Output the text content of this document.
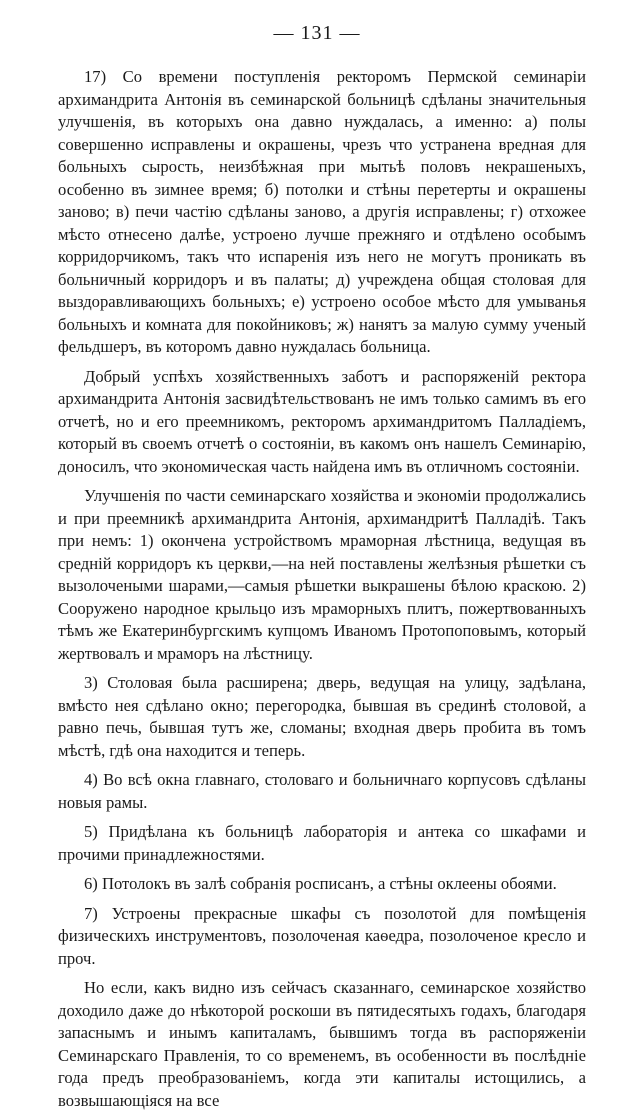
— 131 —

17) Со времени поступленія ректоромъ Пермской семинаріи архимандрита Антонія въ семинарской больницѣ сдѣланы значительныя улучшенія, въ которыхъ она давно нуждалась, а именно: а) полы совершенно исправлены и окрашены, чрезъ что устранена вредная для больныхъ сырость, неизбѣжная при мытьѣ половъ некрашеныхъ, особенно въ зимнее время; б) потолки и стѣны перетерты и окрашены заново; в) печи частію сдѣланы заново, а другія исправлены; г) отхожее мѣсто отнесено далѣе, устроено лучше прежняго и отдѣлено особымъ корридорчикомъ, такъ что испаренія изъ него не могутъ проникать въ больничный корридоръ и въ палаты; д) учреждена общая столовая для выздоравливающихъ больныхъ; е) устроено особое мѣсто для умыванья больныхъ и комната для покойниковъ; ж) нанятъ за малую сумму ученый фельдшеръ, въ которомъ давно нуждалась больница.

Добрый успѣхъ хозяйственныхъ заботъ и распоряженій ректора архимандрита Антонія засвидѣтельствованъ не имъ только самимъ въ его отчетѣ, но и его преемникомъ, ректоромъ архимандритомъ Палладіемъ, который въ своемъ отчетѣ о состояніи, въ какомъ онъ нашелъ Семинарію, доносилъ, что экономическая часть найдена имъ въ отличномъ состояніи.

Улучшенія по части семинарскаго хозяйства и экономіи продолжались и при преемникѣ архимандрита Антонія, архимандритѣ Палладіѣ. Такъ при немъ: 1) окончена устройствомъ мраморная лѣстница, ведущая въ средній корридоръ къ церкви,—на ней поставлены желѣзныя рѣшетки съ вызолочеными шарами,—самыя рѣшетки выкрашены бѣлою краскою. 2) Сооружено народное крыльцо изъ мраморныхъ плитъ, пожертвованныхъ тѣмъ же Екатеринбургскимъ купцомъ Иваномъ Протопоповымъ, который жертвовалъ и мраморъ на лѣстницу.

3) Столовая была расширена; дверь, ведущая на улицу, задѣлана, вмѣсто нея сдѣлано окно; перегородка, бывшая въ срединѣ столовой, а равно печь, бывшая тутъ же, сломаны; входная дверь пробита въ томъ мѣстѣ, гдѣ она находится и теперь.

4) Во всѣ окна главнаго, столоваго и больничнаго корпусовъ сдѣланы новыя рамы.

5) Придѣлана къ больницѣ лабораторія и антека со шкафами и прочими принадлежностями.

6) Потолокъ въ залѣ собранія росписанъ, а стѣны оклеены обоями.

7) Устроены прекрасные шкафы съ позолотой для помѣщенія физическихъ инструментовъ, позолоченая каѳедра, позолоченое кресло и проч.

Но если, какъ видно изъ сейчасъ сказаннаго, семинарское хозяйство доходило даже до нѣкоторой роскоши въ пятидесятыхъ годахъ, благодаря запаснымъ и инымъ капиталамъ, бывшимъ тогда въ распоряженіи Семинарскаго Правленія, то со временемъ, въ особенности въ послѣдніе года предъ преобразованіемъ, когда эти капиталы истощились, а возвышающіяся на все
